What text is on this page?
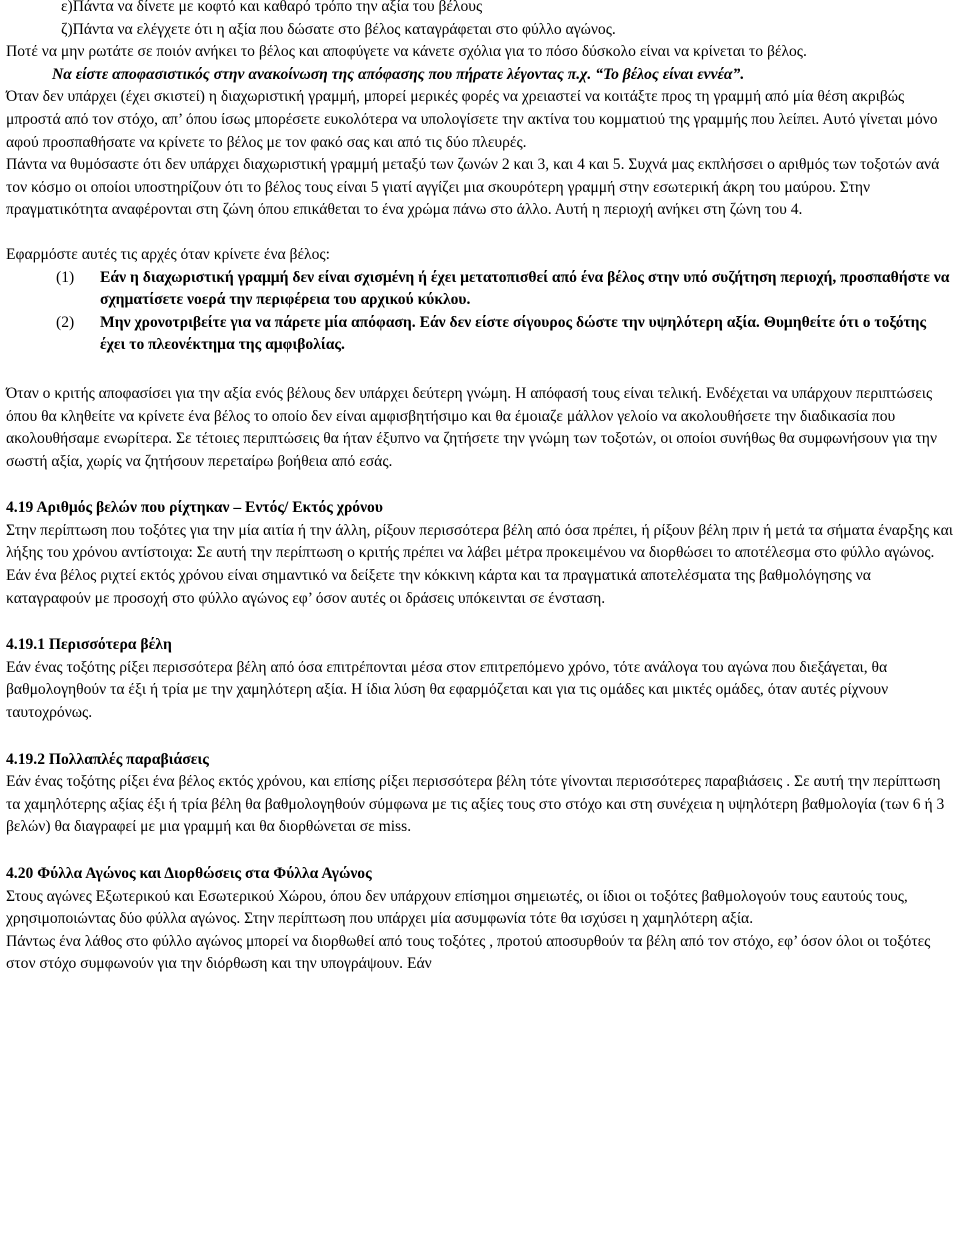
ε)Πάντα να δίνετε με κοφτό και καθαρό τρόπο την αξία του βέλους

ζ)Πάντα να ελέγχετε ότι η αξία που δώσατε στο βέλος καταγράφεται στο φύλλο αγώνος.

Ποτέ να μην ρωτάτε σε ποιόν ανήκει το βέλος και αποφύγετε να κάνετε σχόλια για το πόσο δύσκολο είναι να κρίνεται το βέλος.

Να είστε αποφασιστικός στην ανακοίνωση της απόφασης που πήρατε λέγοντας π.χ. “Το βέλος είναι εννέα”.

Όταν δεν υπάρχει (έχει σκιστεί) η διαχωριστική γραμμή, μπορεί μερικές φορές να χρειαστεί να κοιτάξτε προς τη γραμμή από μία θέση ακριβώς μπροστά από τον στόχο, απ’ όπου ίσως μπορέσετε ευκολότερα να υπολογίσετε την ακτίνα του κομματιού της γραμμής που λείπει. Αυτό γίνεται μόνο αφού προσπαθήσατε να κρίνετε το βέλος με τον φακό σας και από τις δύο πλευρές.

Πάντα να θυμόσαστε ότι δεν υπάρχει διαχωριστική γραμμή μεταξύ των ζωνών 2 και 3, και 4 και 5. Συχνά μας εκπλήσσει ο αριθμός των τοξοτών ανά τον κόσμο οι οποίοι υποστηρίζουν ότι το βέλος τους είναι 5 γιατί αγγίζει μια σκουρότερη γραμμή στην εσωτερική άκρη του μαύρου. Στην πραγματικότητα αναφέρονται στη ζώνη όπου επικάθεται το ένα χρώμα πάνω στο άλλο. Αυτή η περιοχή ανήκει στη ζώνη του 4.

Εφαρμόστε αυτές τις αρχές όταν κρίνετε ένα βέλος:

(1)	Εάν η διαχωριστική γραμμή δεν είναι σχισμένη ή έχει μετατοπισθεί από ένα βέλος στην υπό συζήτηση περιοχή, προσπαθήστε να σχηματίσετε νοερά την περιφέρεια του αρχικού κύκλου.
(2)	Μην χρονοτριβείτε για να πάρετε μία απόφαση. Εάν δεν είστε σίγουρος δώστε την υψηλότερη αξία. Θυμηθείτε ότι ο τοξότης έχει το πλεονέκτημα της αμφιβολίας.

Όταν ο κριτής αποφασίσει για την αξία ενός βέλους δεν υπάρχει δεύτερη γνώμη. Η απόφασή τους είναι τελική. Ενδέχεται να υπάρχουν περιπτώσεις όπου θα κληθείτε να κρίνετε ένα βέλος το οποίο δεν είναι αμφισβητήσιμο και θα έμοιαζε μάλλον γελοίο να ακολουθήσετε την διαδικασία που ακολουθήσαμε ενωρίτερα. Σε τέτοιες περιπτώσεις θα ήταν έξυπνο να ζητήσετε την γνώμη των τοξοτών, οι οποίοι συνήθως θα συμφωνήσουν για την σωστή αξία, χωρίς να ζητήσουν περεταίρω βοήθεια από εσάς.

4.19 Αριθμός βελών που ρίχτηκαν – Εντός/ Εκτός χρόνου

Στην περίπτωση που τοξότες για την μία αιτία ή την άλλη, ρίξουν περισσότερα βέλη από όσα πρέπει, ή ρίξουν βέλη πριν ή μετά τα σήματα έναρξης και λήξης του χρόνου αντίστοιχα: Σε αυτή την περίπτωση ο κριτής πρέπει να λάβει μέτρα προκειμένου να διορθώσει το αποτέλεσμα στο φύλλο αγώνος. Εάν ένα βέλος ριχτεί εκτός χρόνου είναι σημαντικό να δείξετε την κόκκινη κάρτα και τα πραγματικά αποτελέσματα της βαθμολόγησης να καταγραφούν με προσοχή στο φύλλο αγώνος εφ’ όσον αυτές οι δράσεις υπόκεινται σε ένσταση.

4.19.1 Περισσότερα βέλη

Εάν ένας τοξότης ρίξει περισσότερα βέλη από όσα επιτρέπονται μέσα στον επιτρεπόμενο χρόνο, τότε ανάλογα του αγώνα που διεξάγεται, θα βαθμολογηθούν τα έξι ή τρία με την χαμηλότερη αξία. Η ίδια λύση θα εφαρμόζεται και για τις ομάδες και μικτές ομάδες, όταν αυτές ρίχνουν ταυτοχρόνως.

4.19.2 Πολλαπλές παραβιάσεις

Εάν ένας τοξότης ρίξει ένα βέλος εκτός χρόνου, και επίσης ρίξει περισσότερα βέλη τότε γίνονται περισσότερες παραβιάσεις . Σε αυτή την περίπτωση τα χαμηλότερης αξίας έξι ή τρία βέλη θα βαθμολογηθούν σύμφωνα με τις αξίες τους στο στόχο και στη συνέχεια η υψηλότερη βαθμολογία (των 6 ή 3 βελών) θα διαγραφεί με μια γραμμή και θα διορθώνεται σε miss.

4.20 Φύλλα Αγώνος και Διορθώσεις στα Φύλλα Αγώνος

Στους αγώνες Εξωτερικού και Εσωτερικού Χώρου, όπου δεν υπάρχουν επίσημοι σημειωτές, οι ίδιοι οι τοξότες βαθμολογούν τους εαυτούς τους, χρησιμοποιώντας δύο φύλλα αγώνος. Στην περίπτωση που υπάρχει μία ασυμφωνία τότε θα ισχύσει η χαμηλότερη αξία.

Πάντως ένα λάθος στο φύλλο αγώνος μπορεί να διορθωθεί από τους τοξότες , προτού αποσυρθούν τα βέλη από τον στόχο, εφ’ όσον όλοι οι τοξότες στον στόχο συμφωνούν για την διόρθωση και την υπογράψουν. Εάν
